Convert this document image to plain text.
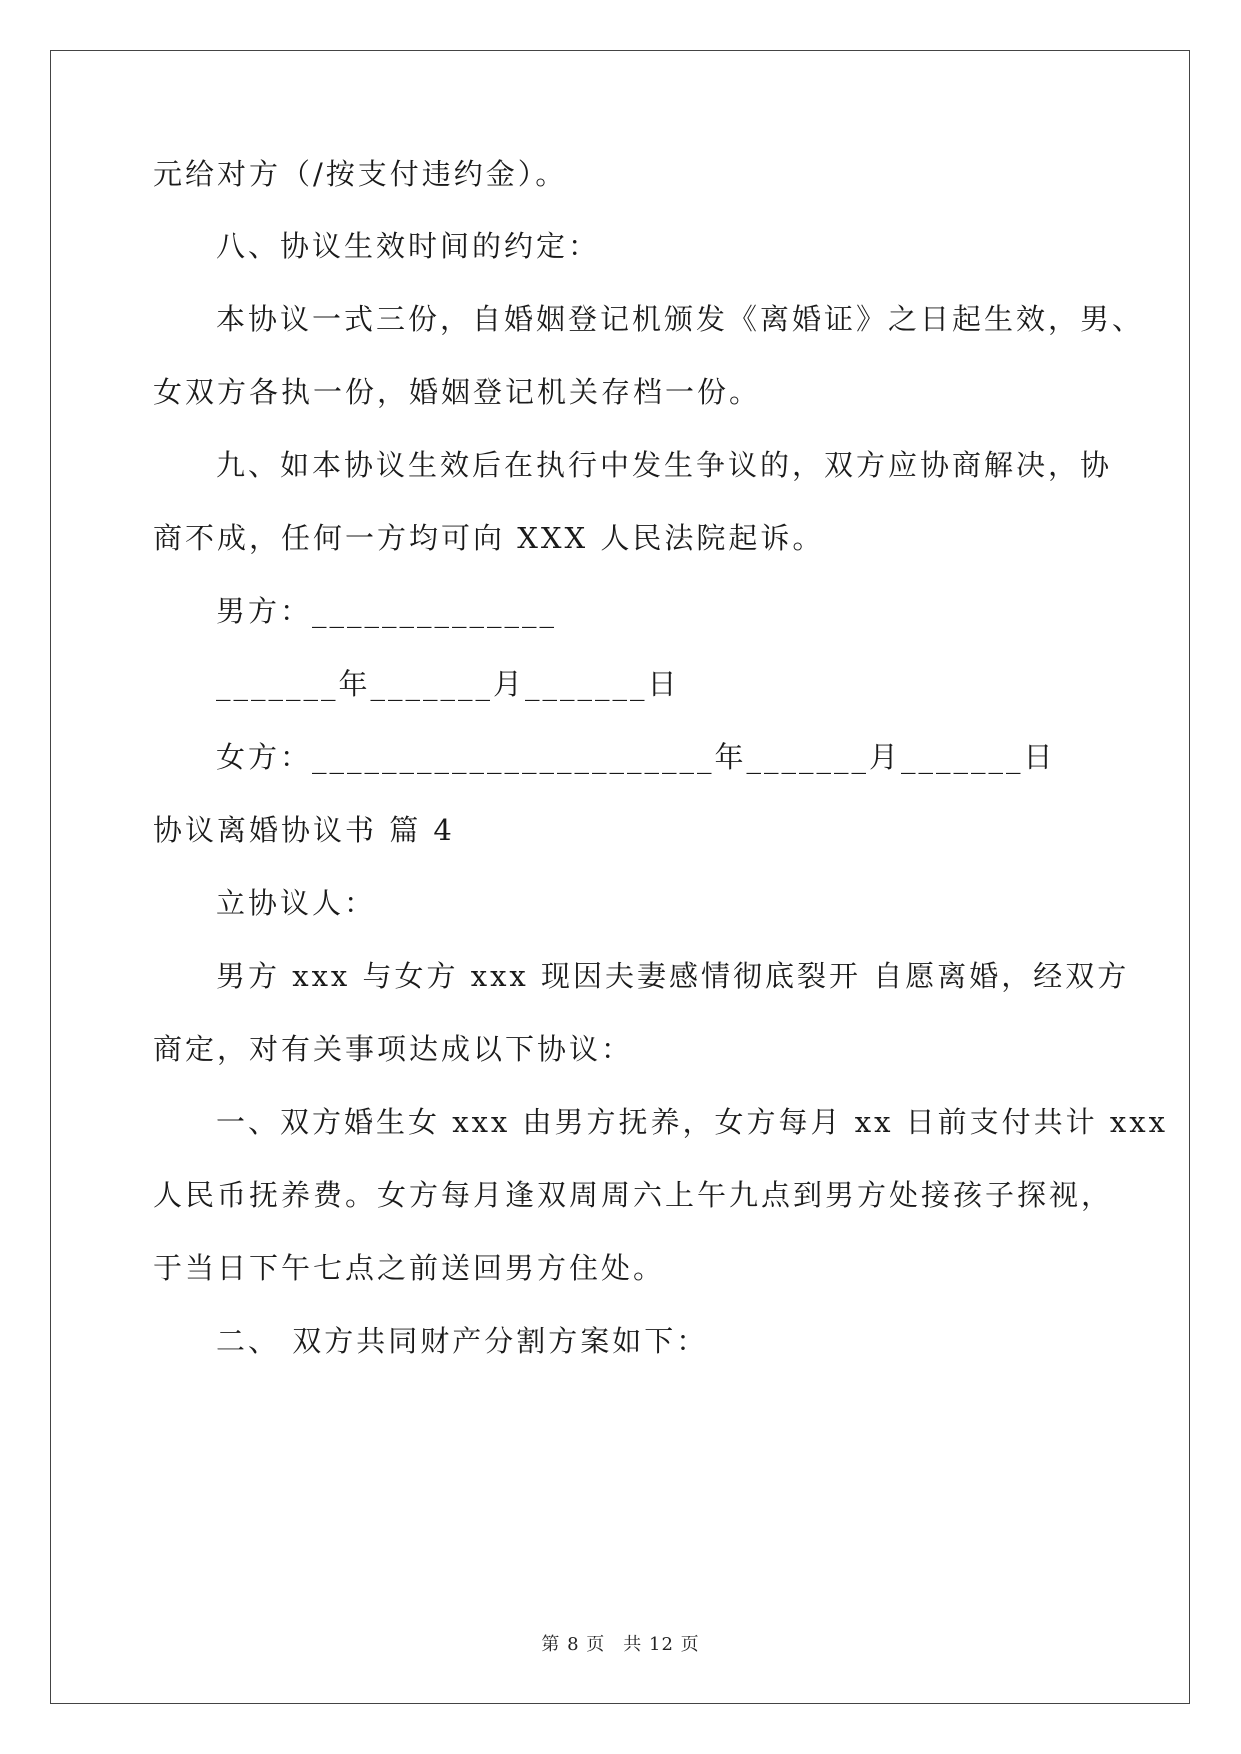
元给对方（/按支付违约金）。
八、协议生效时间的约定：
本协议一式三份，自婚姻登记机颁发《离婚证》之日起生效，男、
女双方各执一份，婚姻登记机关存档一份。
九、如本协议生效后在执行中发生争议的，双方应协商解决，协
商不成，任何一方均可向 XXX 人民法院起诉。
男方：______________
_______年_______月_______日
女方：_______________________年_______月_______日
协议离婚协议书 篇 4
立协议人：
男方 xxx 与女方 xxx 现因夫妻感情彻底裂开 自愿离婚，经双方
商定，对有关事项达成以下协议：
一、双方婚生女 xxx 由男方抚养，女方每月 xx 日前支付共计 xxx
人民币抚养费。女方每月逢双周周六上午九点到男方处接孩子探视，
于当日下午七点之前送回男方住处。
二、 双方共同财产分割方案如下：
第 8 页 共 12 页
